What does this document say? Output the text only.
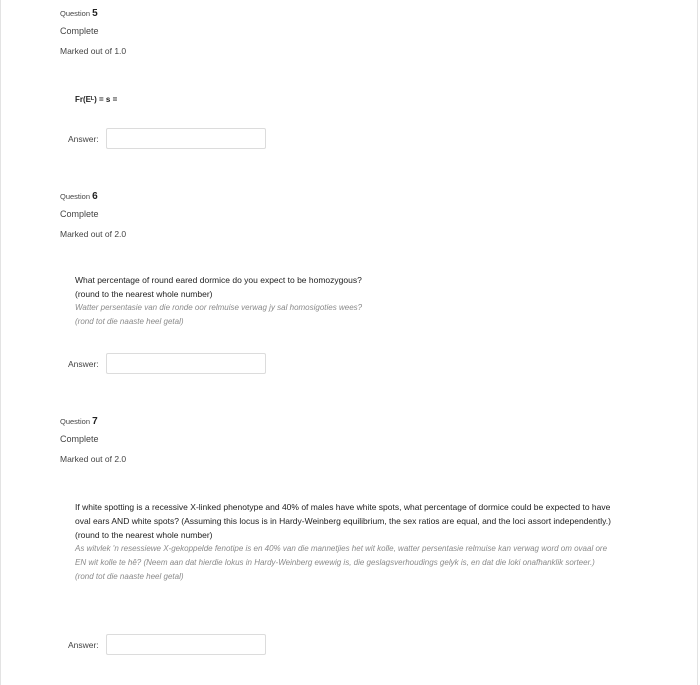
Question 5
Complete
Marked out of 1.0
Fr(Eᴸ) = s =
Answer:
Question 6
Complete
Marked out of 2.0
What percentage of round eared dormice do you expect to be homozygous?
(round to the nearest whole number)
Watter persentasie van die ronde oor relmuise verwag jy sal homosigoties wees?
(rond tot die naaste heel getal)
Answer:
Question 7
Complete
Marked out of 2.0
If white spotting is a recessive X-linked phenotype and 40% of males have white spots, what percentage of dormice could be expected to have oval ears AND white spots? (Assuming this locus is in Hardy-Weinberg equilibrium, the sex ratios are equal, and the loci assort independently.)
(round to the nearest whole number)
As witvlek 'n resessiewe X-gekoppelde fenotipe is en 40% van die mannetjies het wit kolle, watter persentasie relmuise kan verwag word om ovaal ore EN wit kolle te hê? (Neem aan dat hierdie lokus in Hardy-Weinberg ewewig is, die geslagsverhoudings gelyk is, en dat die loki onafhanklik sorteer.)
(rond tot die naaste heel getal)
Answer:
